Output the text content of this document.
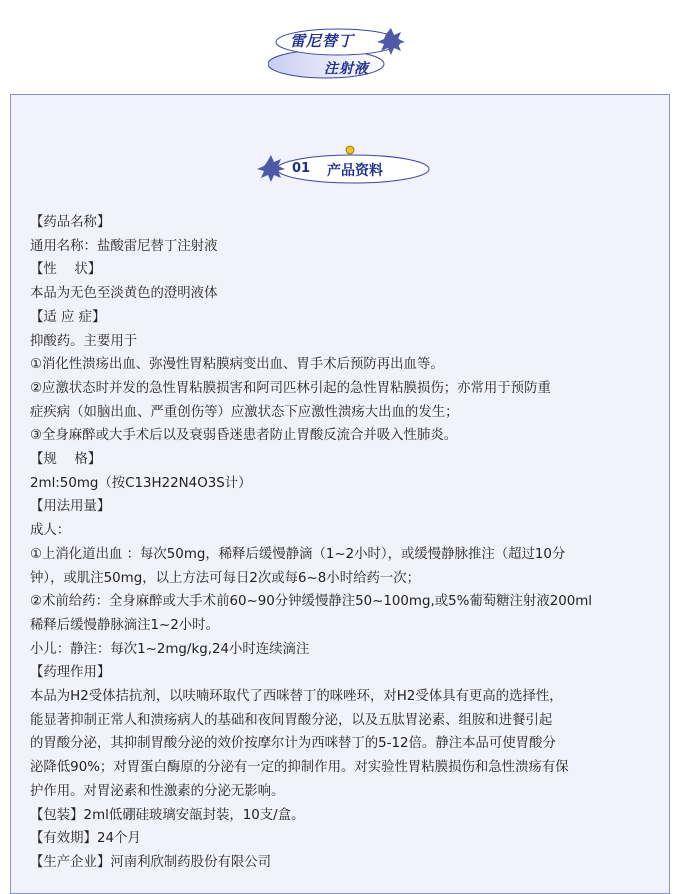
雷尼替丁
注射液
01 产品资料

【药品名称】

通用名称：盐酸雷尼替丁注射液

【性　 状】

本品为无色至淡黄色的澄明液体

【适 应 症】

抑酸药。主要用于

①消化性溃疡出血、弥漫性胃粘膜病变出血、胃手术后预防再出血等。

②应激状态时并发的急性胃粘膜损害和阿司匹林引起的急性胃粘膜损伤；亦常用于预防重

症疾病（如脑出血、严重创伤等）应激状态下应激性溃疡大出血的发生；

③全身麻醉或大手术后以及衰弱昏迷患者防止胃酸反流合并吸入性肺炎。

【规　 格】

2ml:50mg（按C13H22N4O3S计）

【用法用量】

成人：

①上消化道出血 ：每次50mg，稀释后缓慢静滴（1~2小时），或缓慢静脉推注（超过10分

钟），或肌注50mg，以上方法可每日2次或每6~8小时给药一次；

②术前给药：全身麻醉或大手术前60~90分钟缓慢静注50~100mg,或5%葡萄糖注射液200ml

稀释后缓慢静脉滴注1~2小时。

小儿：静注：每次1~2mg/kg,24小时连续滴注

【药理作用】

本品为H2受体拮抗剂，以呋喃环取代了西咪替丁的咪唑环，对H2受体具有更高的选择性，

能显著抑制正常人和溃疡病人的基础和夜间胃酸分泌，以及五肽胃泌素、组胺和进餐引起

的胃酸分泌，其抑制胃酸分泌的效价按摩尔计为西咪替丁的5-12倍。静注本品可使胃酸分

泌降低90%；对胃蛋白酶原的分泌有一定的抑制作用。对实验性胃粘膜损伤和急性溃疡有保

护作用。对胃泌素和性激素的分泌无影响。

【包装】2ml低硼硅玻璃安瓿封装，10支/盒。

【有效期】24个月

【生产企业】河南利欣制药股份有限公司
